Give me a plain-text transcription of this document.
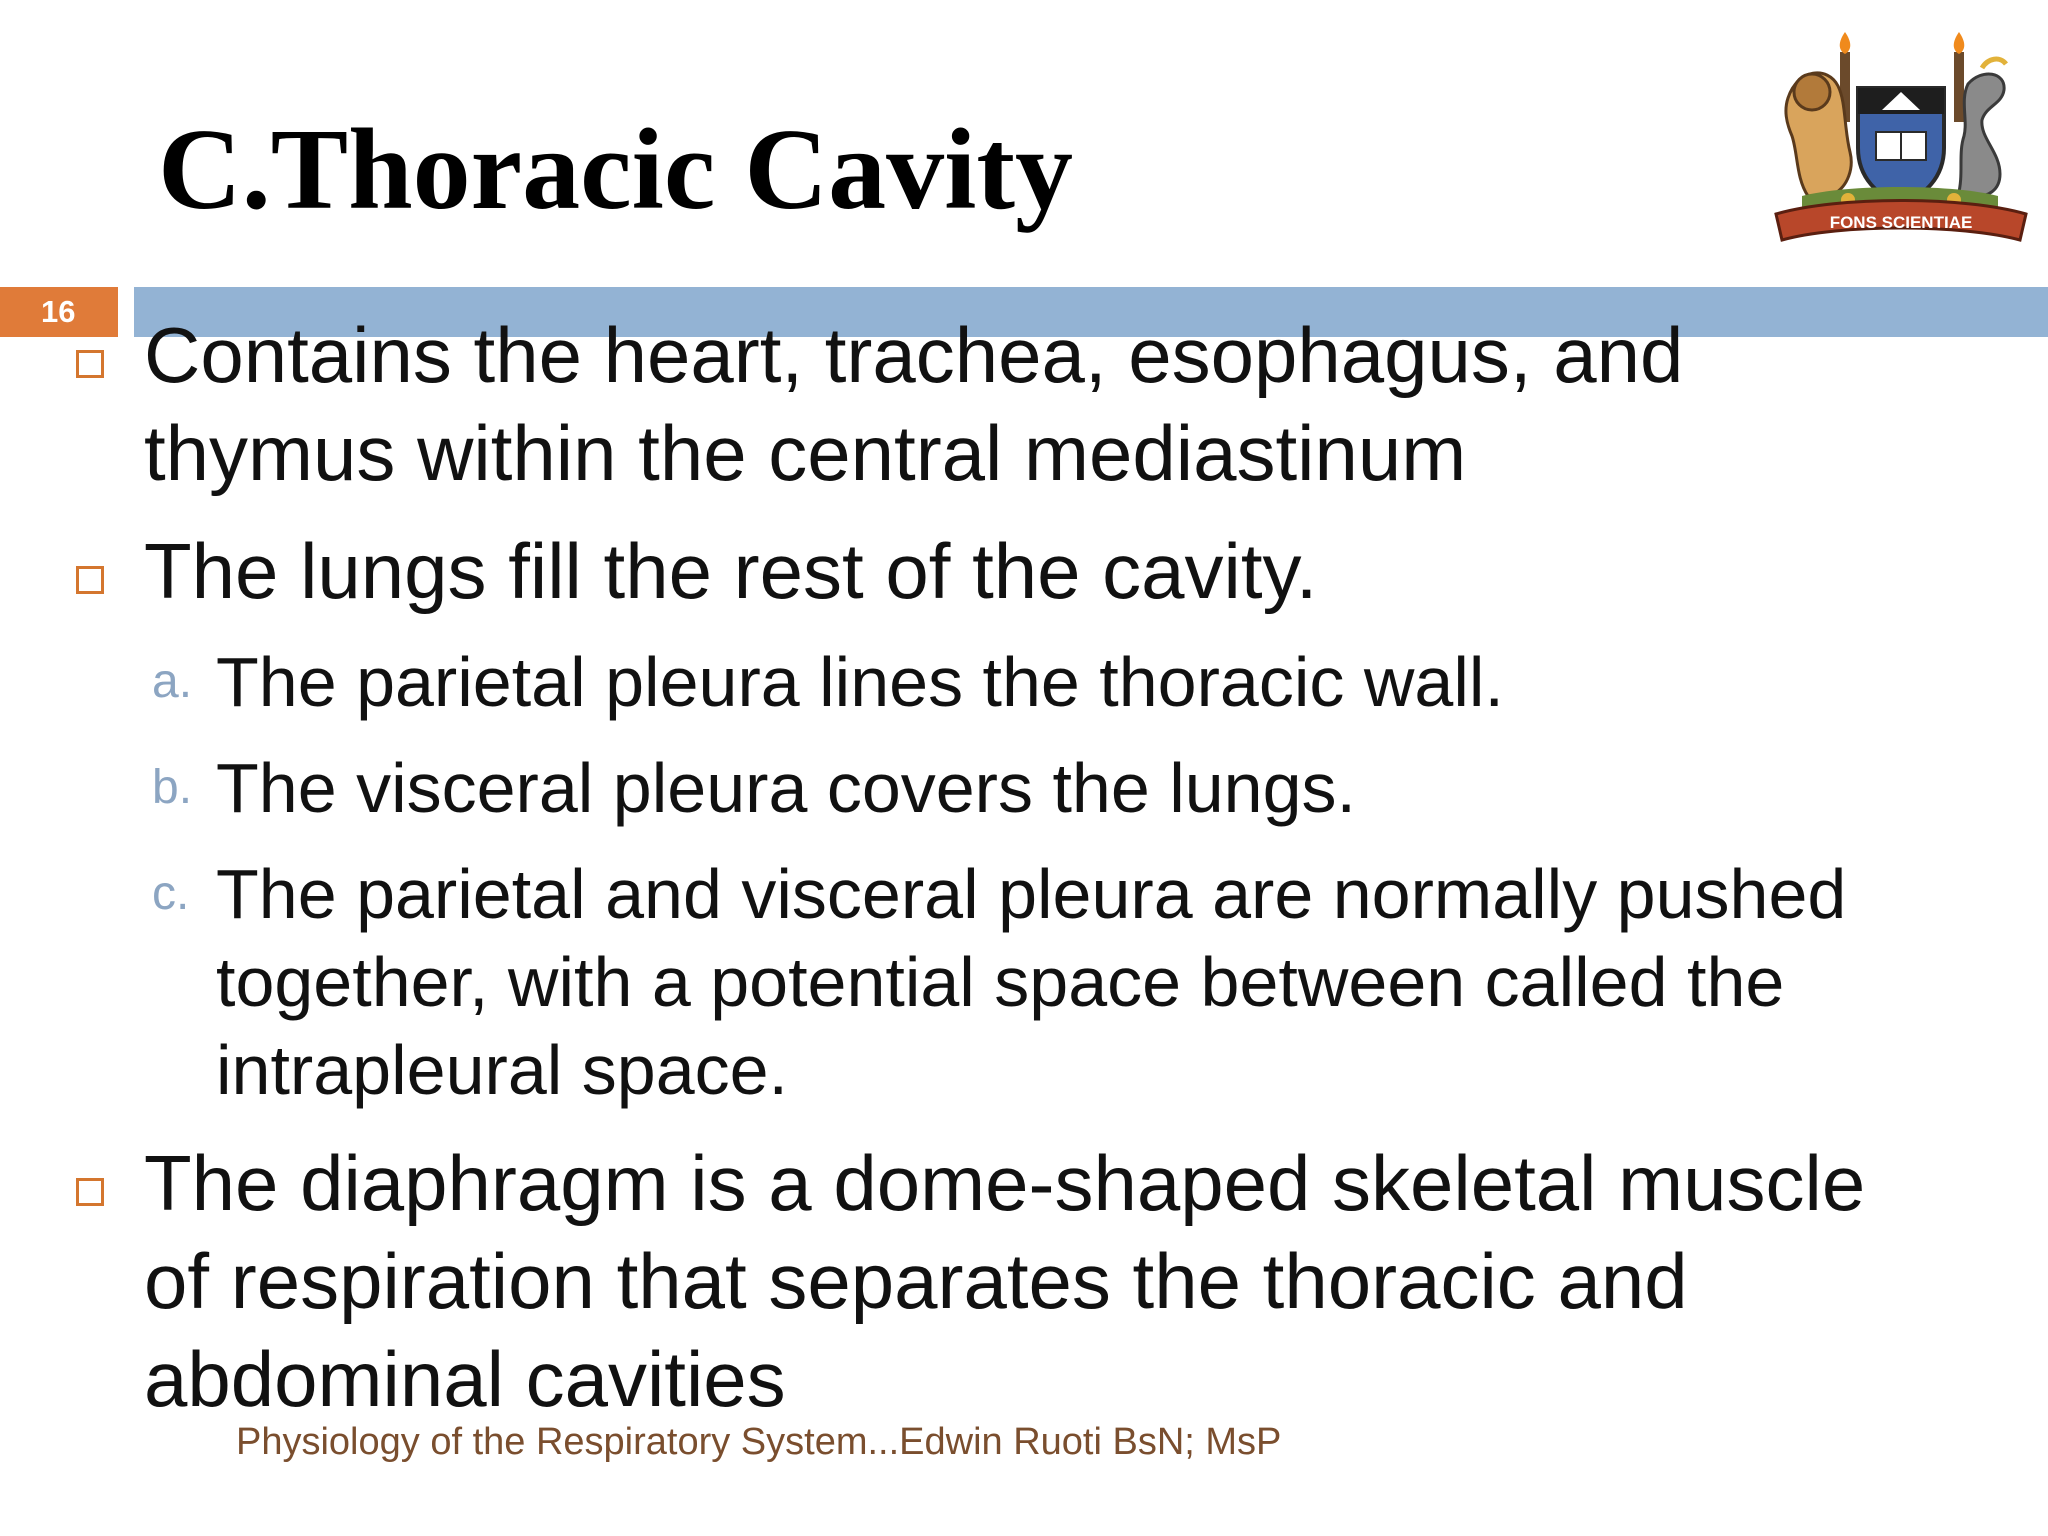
C.Thoracic Cavity	FONS SCIENTIAE
16 Contains the heart, trachea, esophagus, and
thymus within the central mediastinum
The lungs fill the rest of the cavity.
a. The parietal pleura lines the thoracic wall.
b. The visceral pleura covers the lungs.
c. The parietal and visceral pleura are normally pushed
together, with a potential space between called the
intrapleural space.
The diaphragm is a dome-shaped skeletal muscle
of respiration that separates the thoracic and
abdominal cavities
Physiology of the Respiratory System...Edwin Ruoti BsN; MsP
